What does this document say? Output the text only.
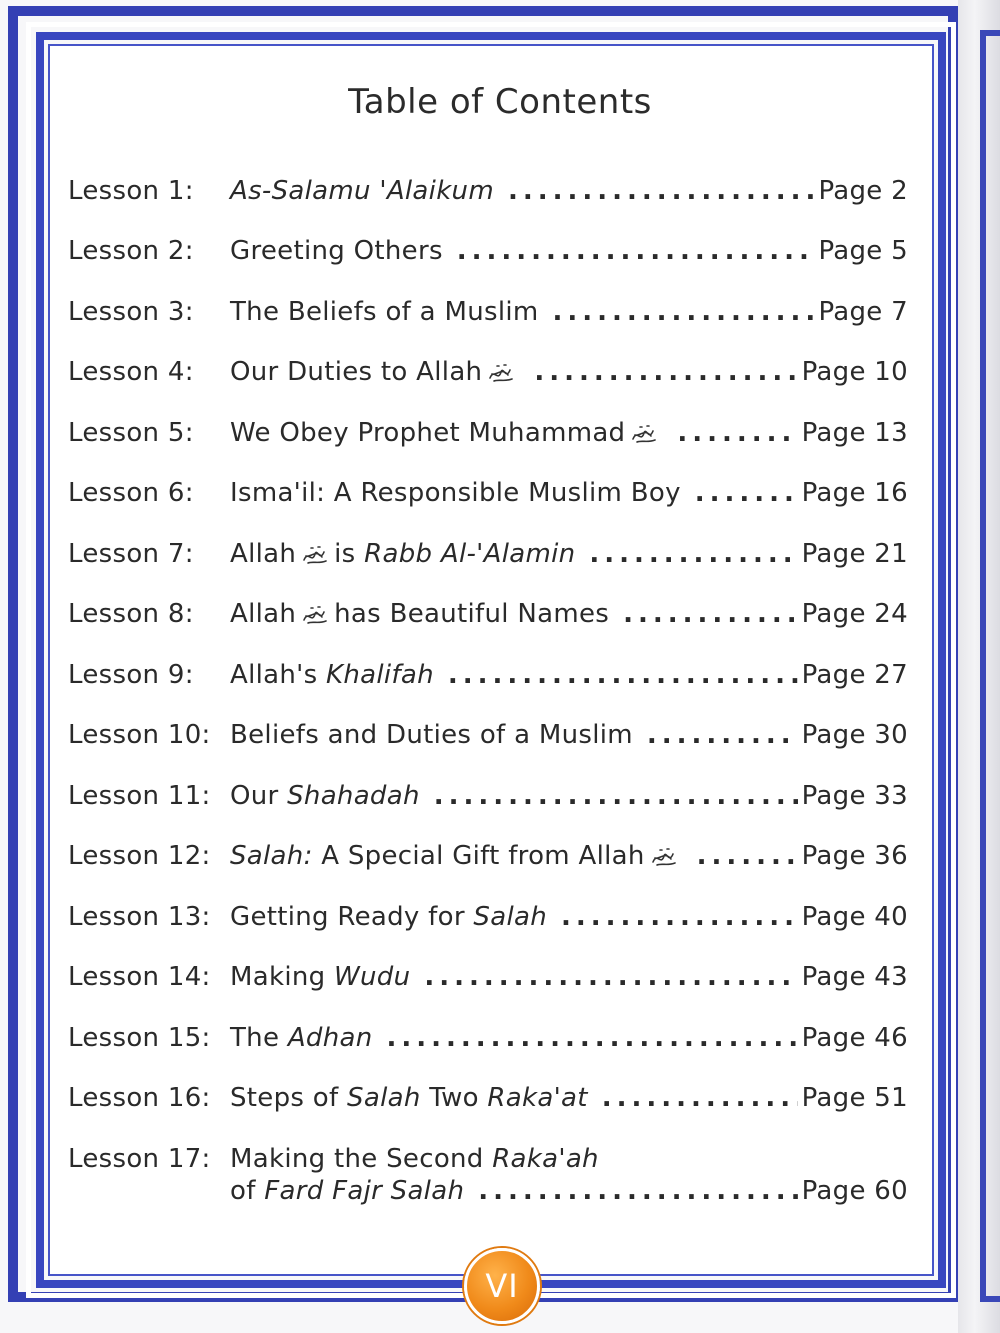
Table of Contents
Lesson 1: As-Salamu 'Alaikum .....	Page 2
Lesson 2: Greeting Others .....	Page 5
Lesson 3: The Beliefs of a Muslim .....	Page 7
Lesson 4: Our Duties to Allah .....	Page 10
Lesson 5: We Obey Prophet Muhammad .....	Page 13
Lesson 6: Isma'il: A Responsible Muslim Boy .....	Page 16
Lesson 7: Allah is Rabb Al-'Alamin .....	Page 21
Lesson 8: Allah has Beautiful Names .....	Page 24
Lesson 9: Allah's Khalifah .....	Page 27
Lesson 10: Beliefs and Duties of a Muslim .....	Page 30
Lesson 11: Our Shahadah .....	Page 33
Lesson 12: Salah: A Special Gift from Allah .....	Page 36
Lesson 13: Getting Ready for Salah .....	Page 40
Lesson 14: Making Wudu .....	Page 43
Lesson 15: The Adhan .....	Page 46
Lesson 16: Steps of Salah Two Raka'at .....	Page 51
Lesson 17: Making the Second Raka'ah
of Fard Fajr Salah .....	Page 60
VI
